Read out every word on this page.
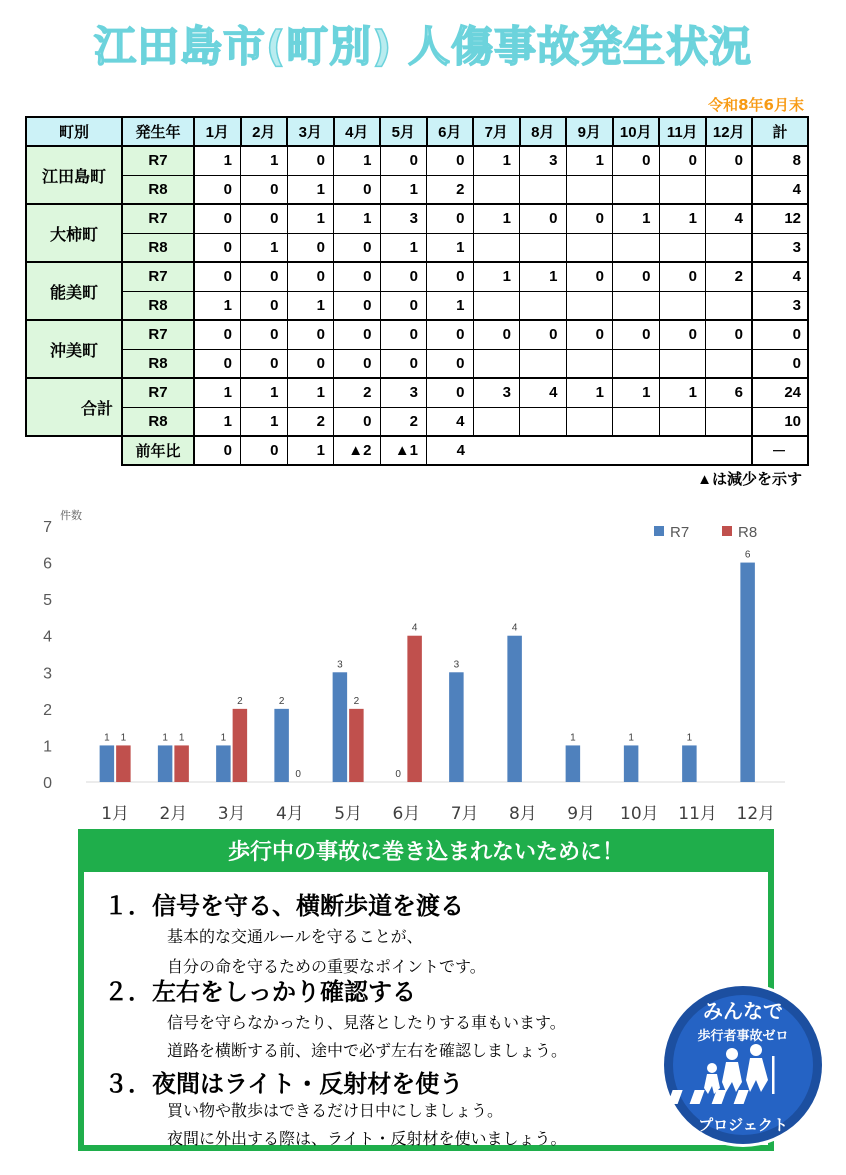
江田島市(町別) 人傷事故発生状況
令和8年6月末
町別	発生年	1月	2月	3月	4月	5月	6月	7月	8月	9月	10月	11月	12月	計
江田島町	R7	1	1	0	1	0	0	1	3	1	0	0	0	8
	R8	0	0	1	0	1	2							4
大柿町	R7	0	0	1	1	3	0	1	0	0	1	1	4	12
	R8	0	1	0	0	1	1							3
能美町	R7	0	0	0	0	0	0	1	1	0	0	0	2	4
	R8	1	0	1	0	0	1							3
沖美町	R7	0	0	0	0	0	0	0	0	0	0	0	0	0
	R8	0	0	0	0	0	0							0
合計	R7	1	1	1	2	3	0	3	4	1	1	1	6	24
	R8	1	1	2	0	2	4							10
	前年比	0	0	1	▲2	▲1	4							－
▲は減少を示す
0
1
2
3
4
5
6
7
件数
1 1
1月
1 1
2月
1
2
3月
2
0
4月
3
2
5月
0
4
6月
3
7月
4
8月
1
9月
1
10月
1
11月
6
12月
R7	R8
歩行中の事故に巻き込まれないために！
１．信号を守る、横断歩道を渡る
基本的な交通ルールを守ることが、
自分の命を守るための重要なポイントです。
２．左右をしっかり確認する
信号を守らなかったり、見落としたりする車もいます。
道路を横断する前、途中で必ず左右を確認しましょう。
３．夜間はライト・反射材を使う
買い物や散歩はできるだけ日中にしましょう。
夜間に外出する際は、ライト・反射材を使いましょう。
みんなで
歩行者事故ゼロ
プロジェクト
